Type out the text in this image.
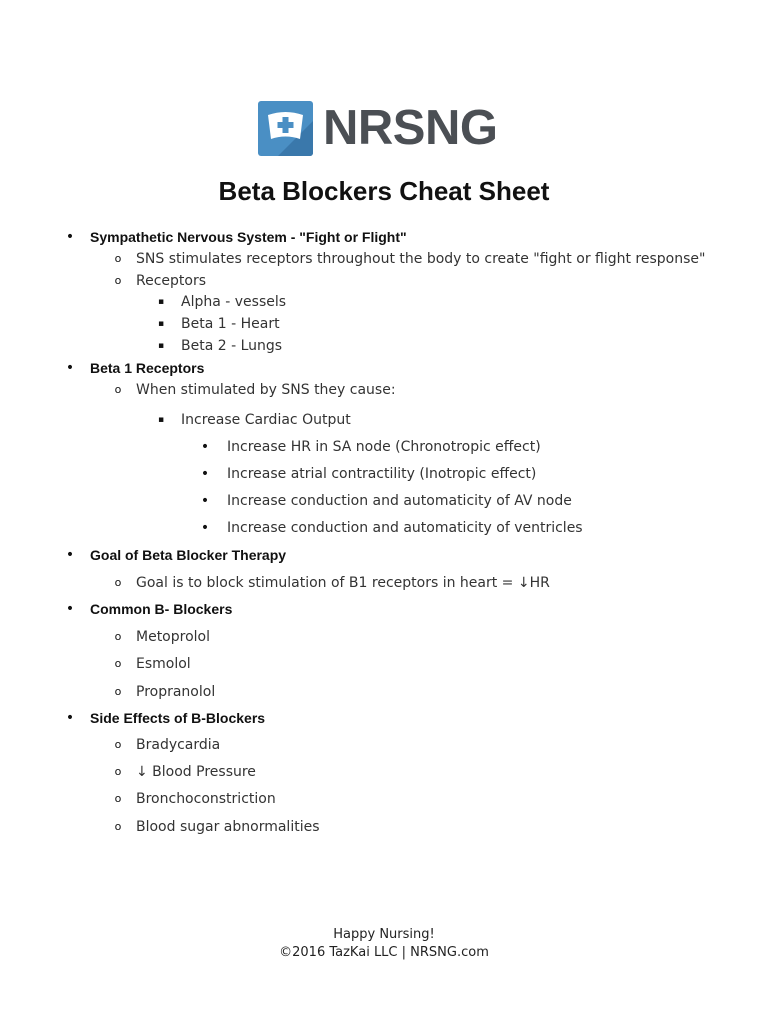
NRSNG
Beta Blockers Cheat Sheet
• Sympathetic Nervous System - "Fight or Flight"
o SNS stimulates receptors throughout the body to create "fight or flight response"
o Receptors
▪ Alpha - vessels
▪ Beta 1 - Heart
▪ Beta 2 - Lungs
• Beta 1 Receptors
o When stimulated by SNS they cause:
▪ Increase Cardiac Output
• Increase HR in SA node (Chronotropic effect)
• Increase atrial contractility (Inotropic effect)
• Increase conduction and automaticity of AV node
• Increase conduction and automaticity of ventricles
• Goal of Beta Blocker Therapy
o Goal is to block stimulation of B1 receptors in heart = ↓HR
• Common B- Blockers
o Metoprolol
o Esmolol
o Propranolol
• Side Effects of B-Blockers
o Bradycardia
o ↓ Blood Pressure
o Bronchoconstriction
o Blood sugar abnormalities
Happy Nursing!
©2016 TazKai LLC | NRSNG.com
